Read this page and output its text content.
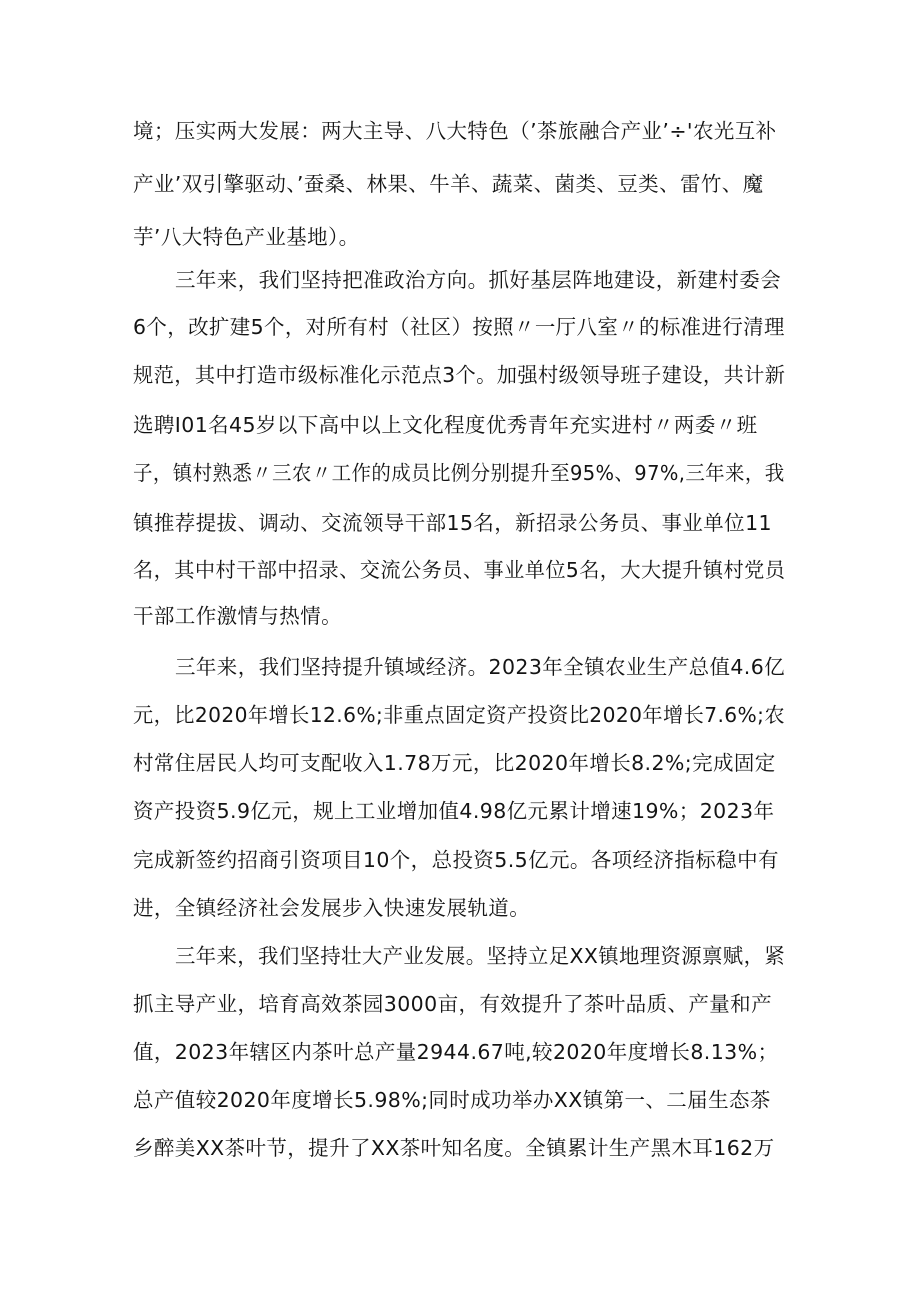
境；压实两大发展：两大主导、八大特色（’茶旅融合产业’÷'农光互补
产业’双引擎驱动、’蚕桑、林果、牛羊、蔬菜、菌类、豆类、雷竹、魔
芋’八大特色产业基地）。
三年来，我们坚持把准政治方向。抓好基层阵地建设，新建村委会
6个，改扩建5个，对所有村（社区）按照〃一厅八室〃的标准进行清理
规范，其中打造市级标准化示范点3个。加强村级领导班子建设，共计新
选聘I01名45岁以下高中以上文化程度优秀青年充实进村〃两委〃班
子，镇村熟悉〃三农〃工作的成员比例分别提升至95%、97%,三年来，我
镇推荐提拔、调动、交流领导干部15名，新招录公务员、事业单位11
名，其中村干部中招录、交流公务员、事业单位5名，大大提升镇村党员
干部工作激情与热情。
三年来，我们坚持提升镇域经济。2023年全镇农业生产总值4.6亿
元，比2020年增长12.6%;非重点固定资产投资比2020年增长7.6%;农
村常住居民人均可支配收入1.78万元，比2020年增长8.2%;完成固定
资产投资5.9亿元，规上工业增加值4.98亿元累计增速19%；2023年
完成新签约招商引资项目10个，总投资5.5亿元。各项经济指标稳中有
进，全镇经济社会发展步入快速发展轨道。
三年来，我们坚持壮大产业发展。坚持立足XX镇地理资源禀赋，紧
抓主导产业，培育高效茶园3000亩，有效提升了茶叶品质、产量和产
值，2023年辖区内茶叶总产量2944.67吨,较2020年度增长8.13%；
总产值较2020年度增长5.98%;同时成功举办XX镇第一、二届生态茶
乡醉美XX茶叶节，提升了XX茶叶知名度。全镇累计生产黑木耳162万
